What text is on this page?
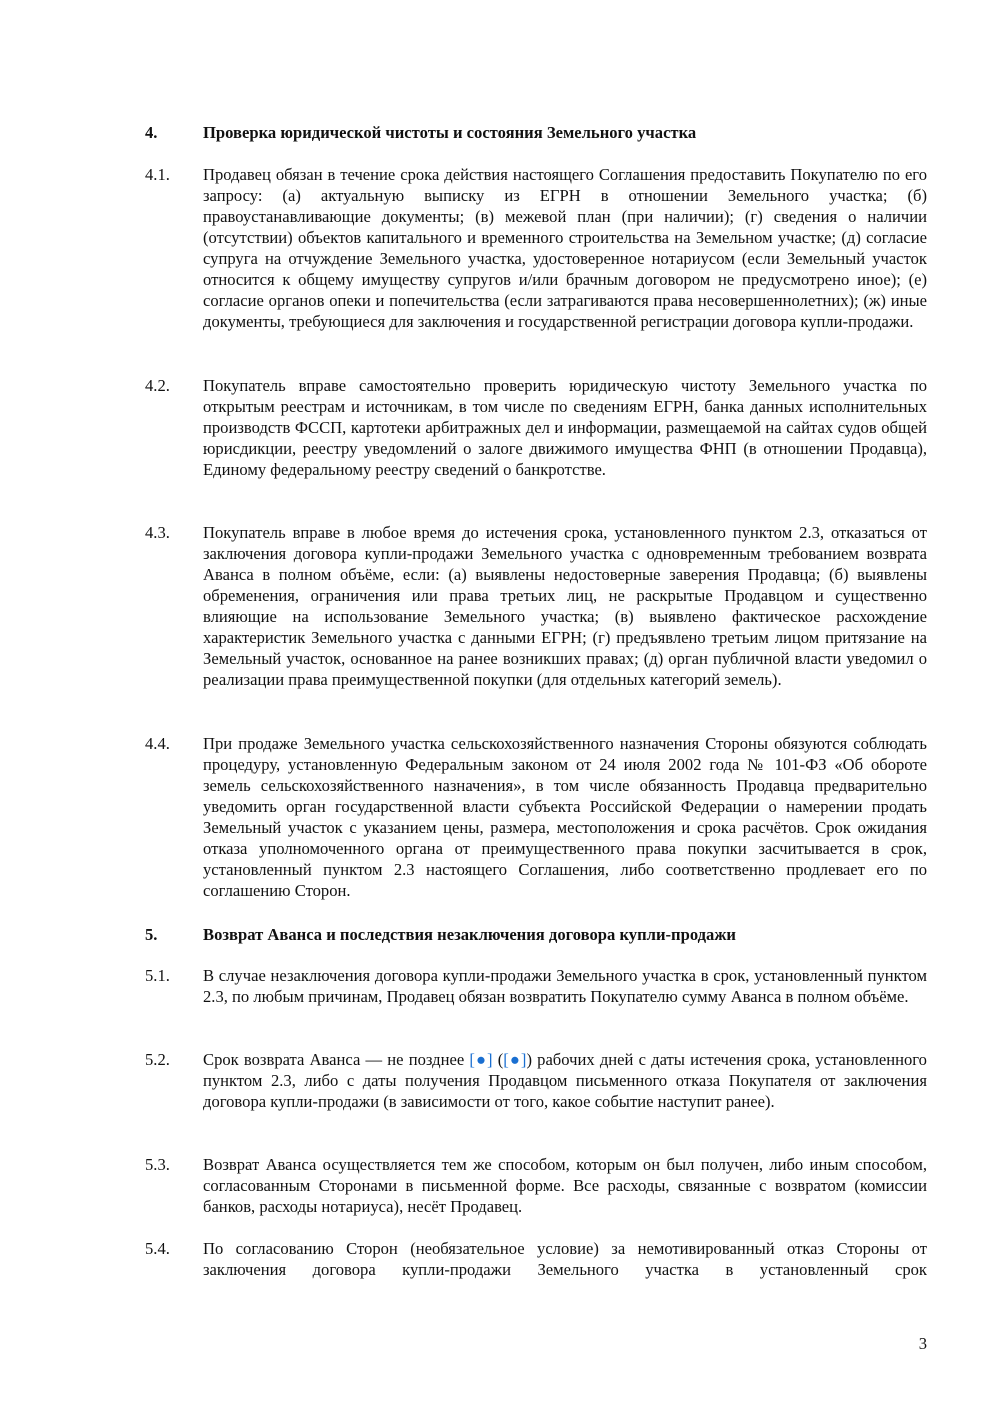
4.	Проверка юридической чистоты и состояния Земельного участка
4.1.	Продавец обязан в течение срока действия настоящего Соглашения предоставить Покупателю по его запросу: (а) актуальную выписку из ЕГРН в отношении Земельного участка; (б) правоустанавливающие документы; (в) межевой план (при наличии); (г) сведения о наличии (отсутствии) объектов капитального и временного строительства на Земельном участке; (д) согласие супруга на отчуждение Земельного участка, удостоверенное нотариусом (если Земельный участок относится к общему имуществу супругов и/или брачным договором не предусмотрено иное); (е) согласие органов опеки и попечительства (если затрагиваются права несовершеннолетних); (ж) иные документы, требующиеся для заключения и государственной регистрации договора купли-продажи.
4.2.	Покупатель вправе самостоятельно проверить юридическую чистоту Земельного участка по открытым реестрам и источникам, в том числе по сведениям ЕГРН, банка данных исполнительных производств ФССП, картотеки арбитражных дел и информации, размещаемой на сайтах судов общей юрисдикции, реестру уведомлений о залоге движимого имущества ФНП (в отношении Продавца), Единому федеральному реестру сведений о банкротстве.
4.3.	Покупатель вправе в любое время до истечения срока, установленного пунктом 2.3, отказаться от заключения договора купли-продажи Земельного участка с одновременным требованием возврата Аванса в полном объёме, если: (а) выявлены недостоверные заверения Продавца; (б) выявлены обременения, ограничения или права третьих лиц, не раскрытые Продавцом и существенно влияющие на использование Земельного участка; (в) выявлено фактическое расхождение характеристик Земельного участка с данными ЕГРН; (г) предъявлено третьим лицом притязание на Земельный участок, основанное на ранее возникших правах; (д) орган публичной власти уведомил о реализации права преимущественной покупки (для отдельных категорий земель).
4.4.	При продаже Земельного участка сельскохозяйственного назначения Стороны обязуются соблюдать процедуру, установленную Федеральным законом от 24 июля 2002 года № 101-ФЗ «Об обороте земель сельскохозяйственного назначения», в том числе обязанность Продавца предварительно уведомить орган государственной власти субъекта Российской Федерации о намерении продать Земельный участок с указанием цены, размера, местоположения и срока расчётов. Срок ожидания отказа уполномоченного органа от преимущественного права покупки засчитывается в срок, установленный пунктом 2.3 настоящего Соглашения, либо соответственно продлевает его по соглашению Сторон.
5.	Возврат Аванса и последствия незаключения договора купли-продажи
5.1.	В случае незаключения договора купли-продажи Земельного участка в срок, установленный пунктом 2.3, по любым причинам, Продавец обязан возвратить Покупателю сумму Аванса в полном объёме.
5.2.	Срок возврата Аванса — не позднее [●] ([●]) рабочих дней с даты истечения срока, установленного пунктом 2.3, либо с даты получения Продавцом письменного отказа Покупателя от заключения договора купли-продажи (в зависимости от того, какое событие наступит ранее).
5.3.	Возврат Аванса осуществляется тем же способом, которым он был получен, либо иным способом, согласованным Сторонами в письменной форме. Все расходы, связанные с возвратом (комиссии банков, расходы нотариуса), несёт Продавец.
5.4.	По согласованию Сторон (необязательное условие) за немотивированный отказ Стороны от заключения договора купли-продажи Земельного участка в установленный срок
3
